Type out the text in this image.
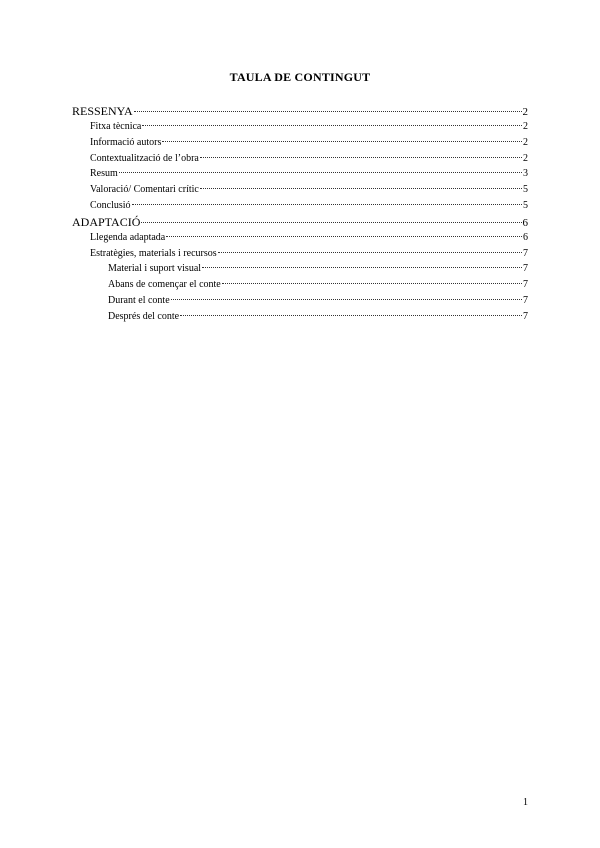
TAULA DE CONTINGUT
RESSENYA	2
Fitxa tècnica	2
Informació autors	2
Contextualització de l’obra	2
Resum	3
Valoració/ Comentari crític	5
Conclusió	5
ADAPTACIÓ	6
Llegenda adaptada	6
Estratègies, materials i recursos	7
Material i suport visual	7
Abans de començar el conte	7
Durant el conte	7
Després del conte	7
1
